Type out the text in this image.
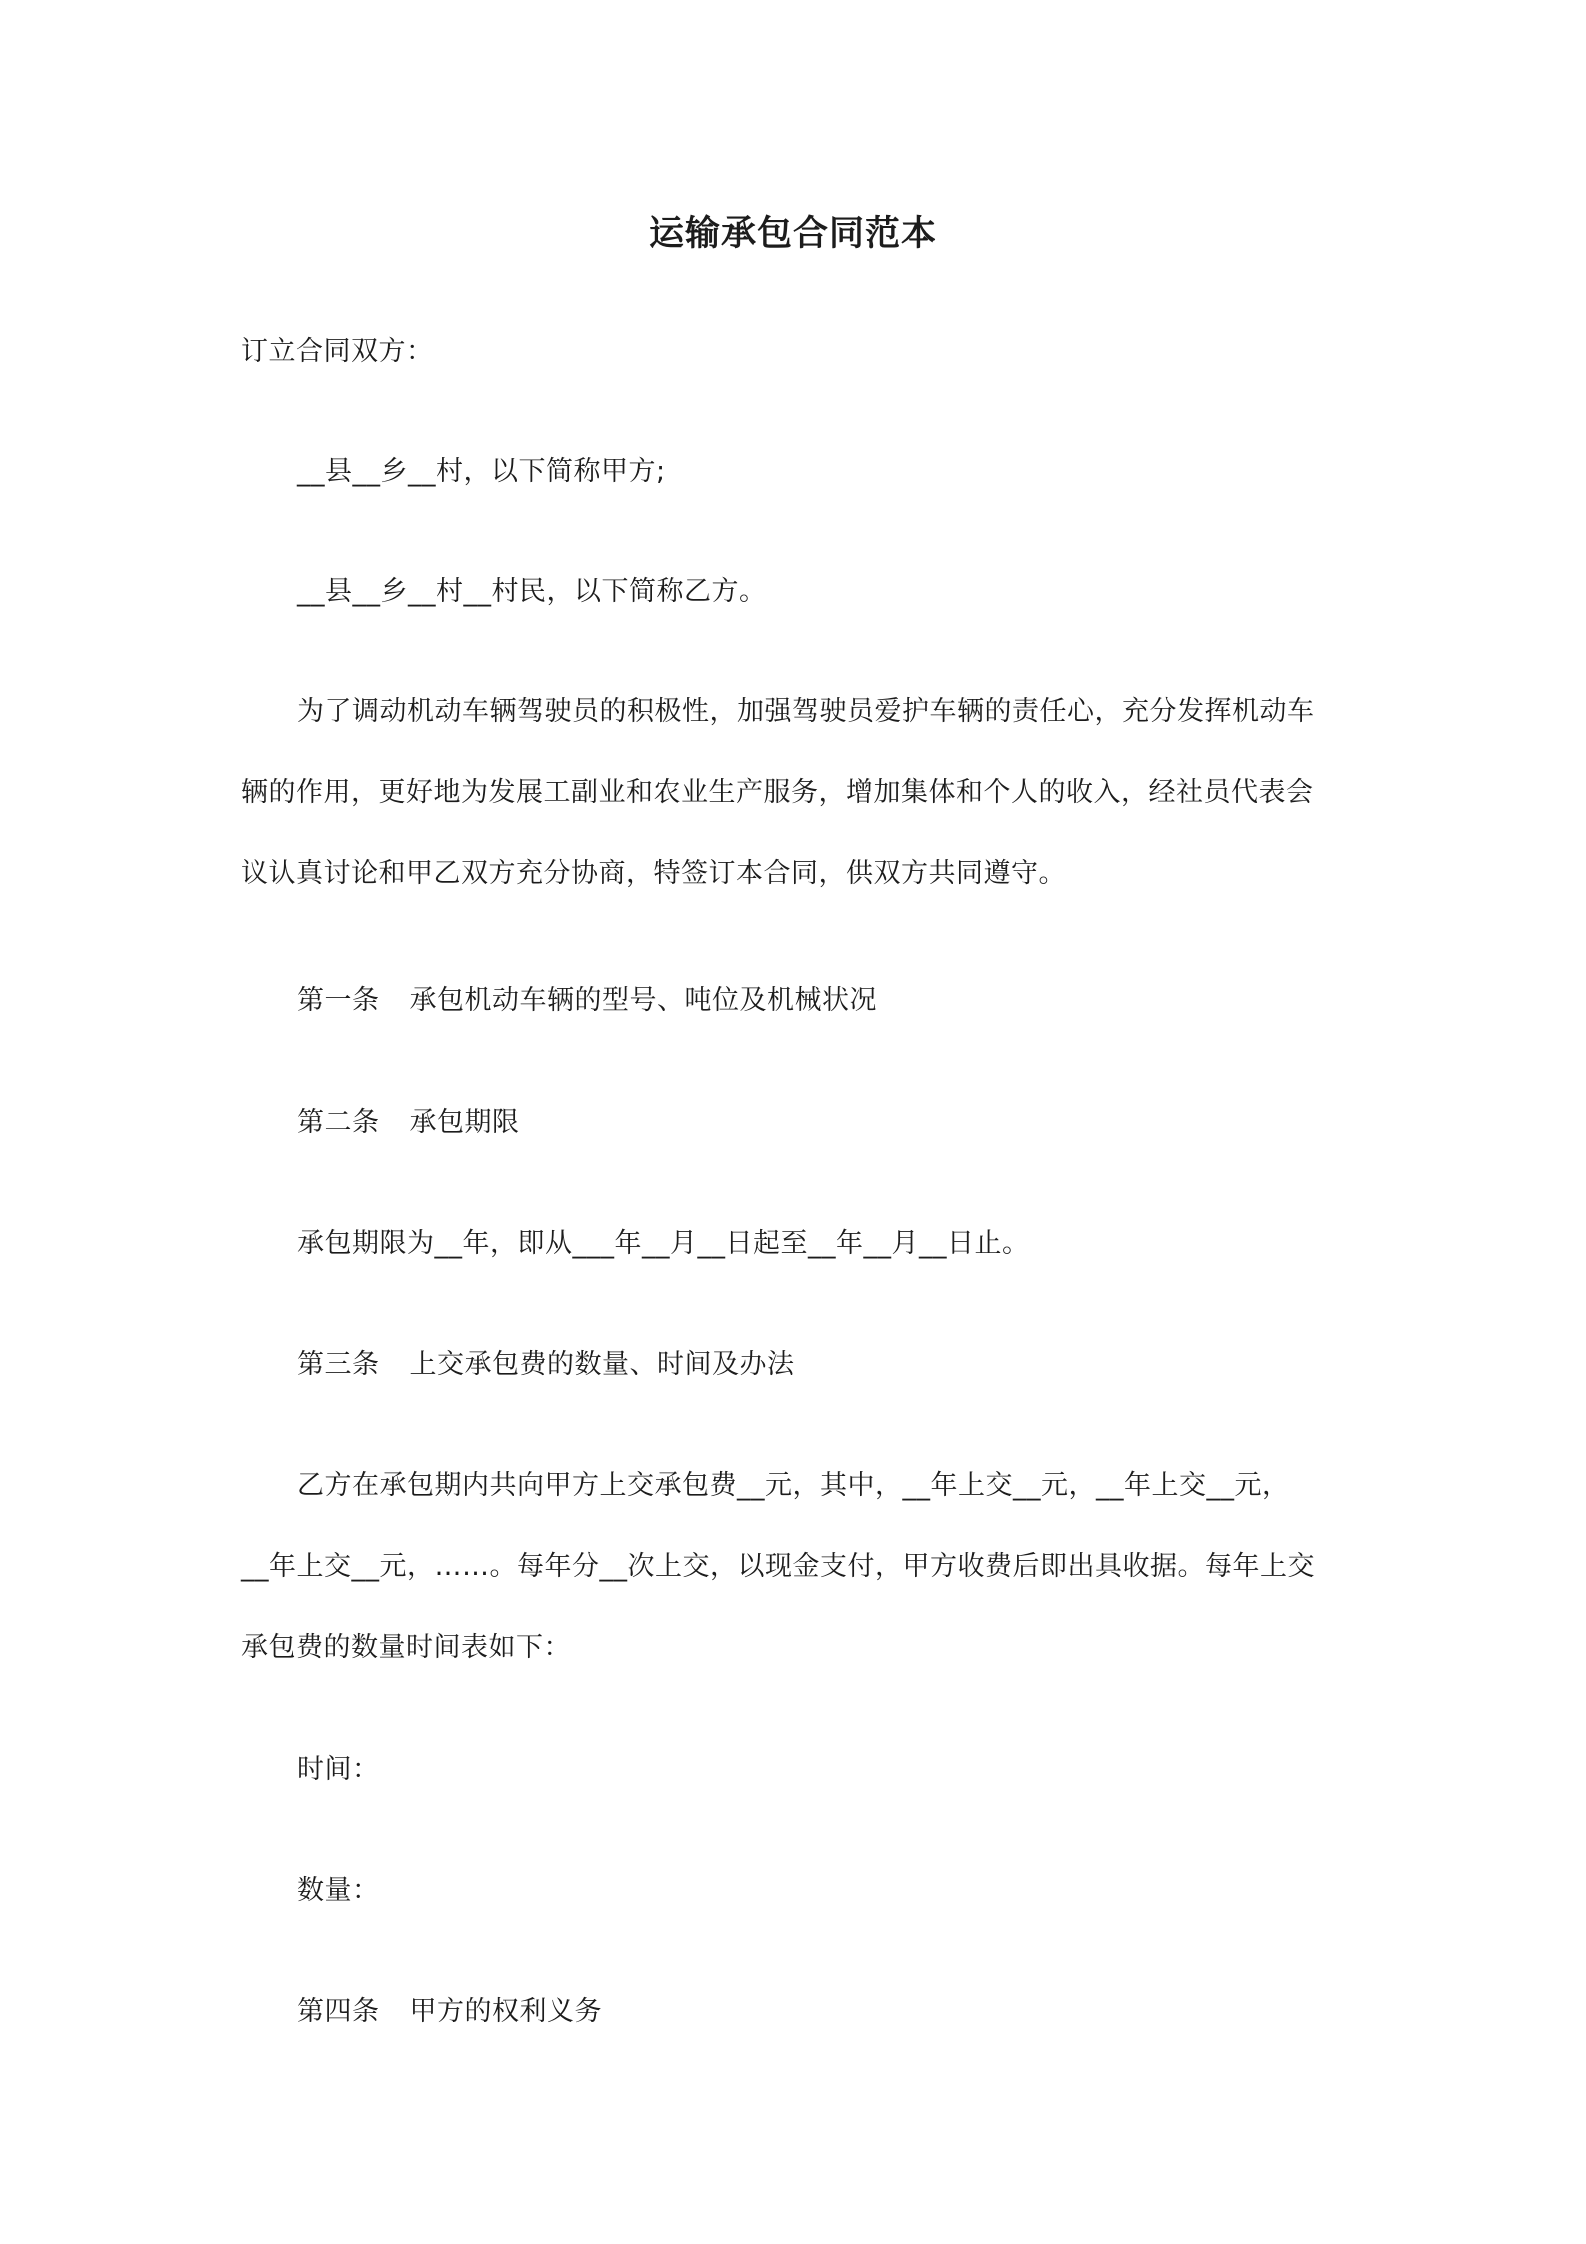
运输承包合同范本
订立合同双方：
__县__乡__村，以下简称甲方;
__县__乡__村__村民，以下简称乙方。
为了调动机动车辆驾驶员的积极性，加强驾驶员爱护车辆的责任心，充分发挥机动车
辆的作用，更好地为发展工副业和农业生产服务，增加集体和个人的收入，经社员代表会
议认真讨论和甲乙双方充分协商，特签订本合同，供双方共同遵守。
第一条 承包机动车辆的型号、吨位及机械状况
第二条 承包期限
承包期限为__年，即从___年__月__日起至__年__月__日止。
第三条 上交承包费的数量、时间及办法
乙方在承包期内共向甲方上交承包费__元，其中，__年上交__元，__年上交__元，
__年上交__元，……。每年分__次上交，以现金支付，甲方收费后即出具收据。每年上交
承包费的数量时间表如下：
时间：
数量：
第四条 甲方的权利义务
